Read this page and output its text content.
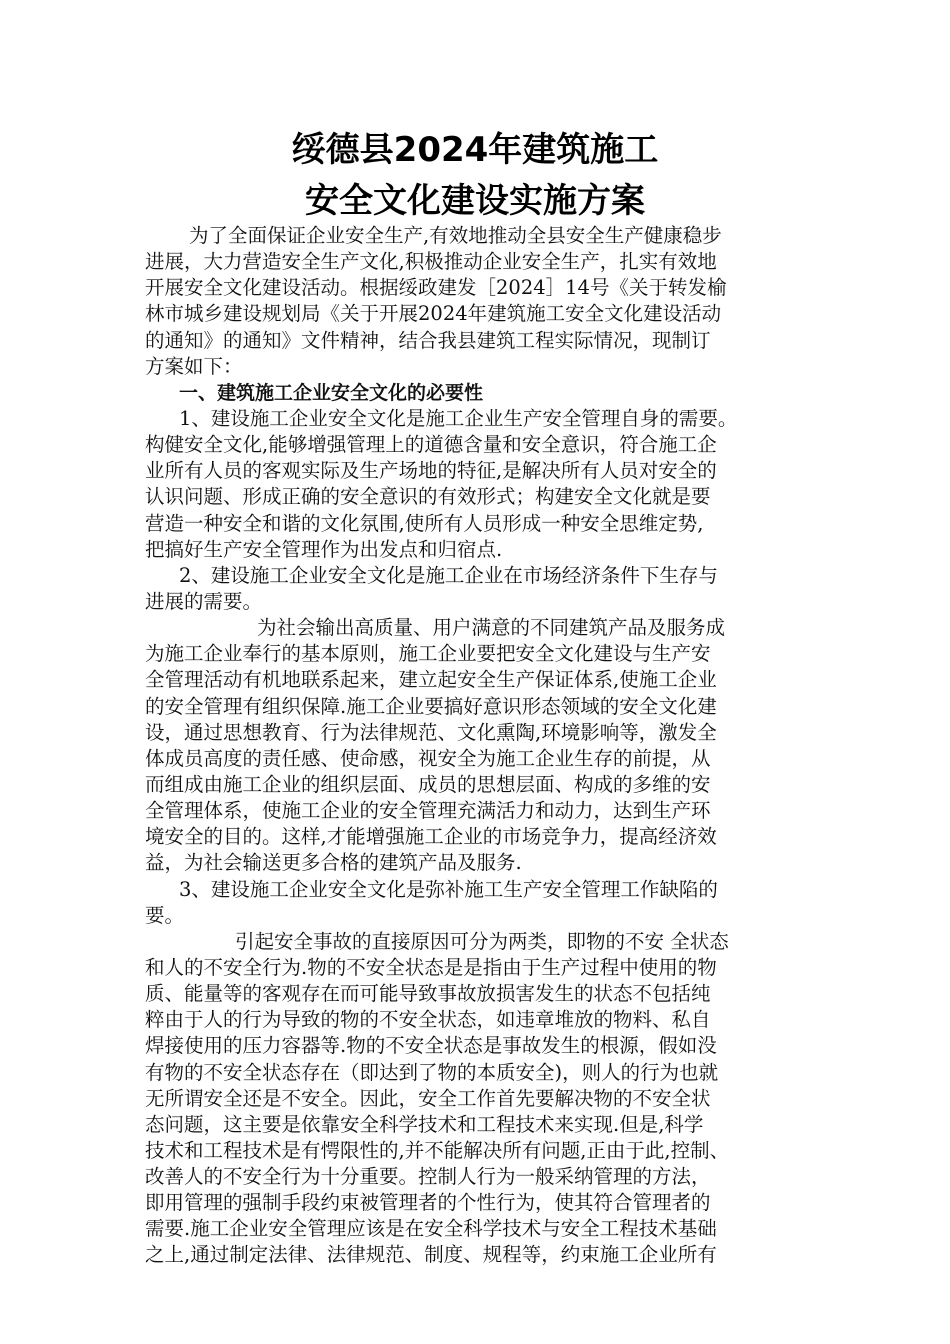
绥德县2024年建筑施工
安全文化建设实施方案
为了全面保证企业安全生产,有效地推动全县安全生产健康稳步
进展，大力营造安全生产文化,积极推动企业安全生产，扎实有效地
开展安全文化建设活动。根据绥政建发［2024］14号《关于转发榆
林市城乡建设规划局《关于开展2024年建筑施工安全文化建设活动
的通知》的通知》文件精神，结合我县建筑工程实际情况，现制订
方案如下：
一、建筑施工企业安全文化的必要性
1、建设施工企业安全文化是施工企业生产安全管理自身的需要。
构健安全文化,能够增强管理上的道德含量和安全意识，符合施工企
业所有人员的客观实际及生产场地的特征,是解决所有人员对安全的
认识问题、形成正确的安全意识的有效形式；构建安全文化就是要
营造一种安全和谐的文化氛围,使所有人员形成一种安全思维定势,
把搞好生产安全管理作为出发点和归宿点.
2、建设施工企业安全文化是施工企业在市场经济条件下生存与
进展的需要。
为社会输出高质量、用户满意的不同建筑产品及服务成
为施工企业奉行的基本原则，施工企业要把安全文化建设与生产安
全管理活动有机地联系起来，建立起安全生产保证体系,使施工企业
的安全管理有组织保障.施工企业要搞好意识形态领域的安全文化建
设，通过思想教育、行为法律规范、文化熏陶,环境影响等，激发全
体成员高度的责任感、使命感，视安全为施工企业生存的前提，从
而组成由施工企业的组织层面、成员的思想层面、构成的多维的安
全管理体系，使施工企业的安全管理充满活力和动力，达到生产环
境安全的目的。这样,才能增强施工企业的市场竞争力，提高经济效
益，为社会输送更多合格的建筑产品及服务.
3、建设施工企业安全文化是弥补施工生产安全管理工作缺陷的
要。
引起安全事故的直接原因可分为两类，即物的不安 全状态
和人的不安全行为.物的不安全状态是是指由于生产过程中使用的物
质、能量等的客观存在而可能导致事故放损害发生的状态不包括纯
粹由于人的行为导致的物的不安全状态，如违章堆放的物料、私自
焊接使用的压力容器等.物的不安全状态是事故发生的根源，假如没
有物的不安全状态存在（即达到了物的本质安全)，则人的行为也就
无所谓安全还是不安全。因此，安全工作首先要解决物的不安全状
态问题，这主要是依靠安全科学技术和工程技术来实现.但是,科学
技术和工程技术是有愕限性的,并不能解决所有问题,正由于此,控制、
改善人的不安全行为十分重要。控制人行为一般采纳管理的方法，
即用管理的强制手段约束被管理者的个性行为，使其符合管理者的
需要.施工企业安全管理应该是在安全科学技术与安全工程技术基础
之上,通过制定法律、法律规范、制度、规程等，约束施工企业所有
